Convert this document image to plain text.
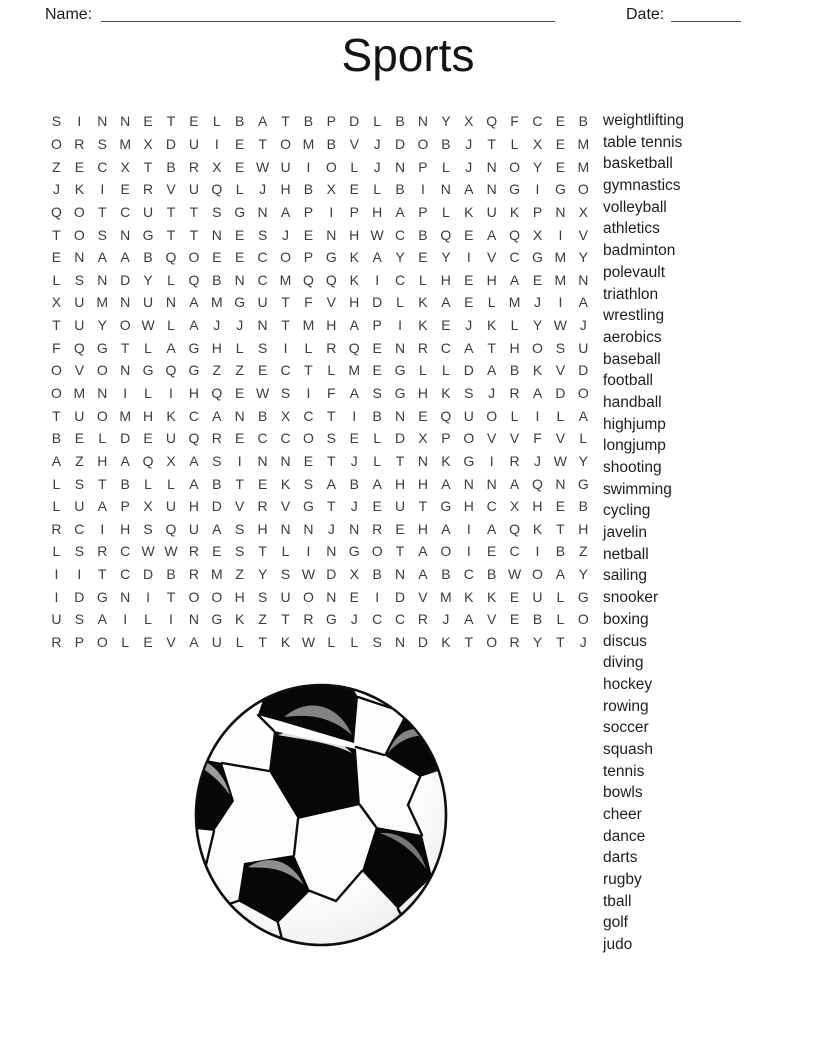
Name:	Date:
Sports
S	I	N N E T E	L	B A T B P D L	B N Y X Q F C E B
O R S M X D U	I	E T O M B V	J	D O B	J	T	L	X E M
Z E C X T B R X E W U	I	O L	J	N P	L	J	N O Y E M
J	K	I	E R V U Q L	J	H B X E	L	B	I	N A N G	I	G O
Q O T C U T	T S G N A P	I	P H A P	L	K U K P N X
T O S N G T	T N E S	J	E N H W C B Q E A Q X	I	V
E N A A B Q O E E C O P G K A Y E Y	I	V C G M Y
L	S N D Y	L Q B N C M Q Q K	I	C L H E H A E M N
X U M N U N A M G U T	F V H D L	K A E	L M J	I	A
T U Y O W L	A	J	J	N T M H A P	I	K E	J	K	L	Y W J
F Q G T	L	A G H L	S	I	L R Q E N R C A T H O S U
O V O N G Q G Z	Z E C T	L M E G L	L D A B K V D
O M N	I	L	I	H Q E W S	I	F A S G H K S	J	R A D O
T U O M H K C A N B X C T	I	B N E Q U O L	I	L	A
B E	L D E U Q R E C C O S E	L D X P O V V F V	L
A Z H A Q X A S	I	N N E T	J	L	T N K G	I	R	J W Y
L	S T B	L	L	A B T E K S A B A H H A N N A Q N G
L U A P X U H D V R V G T	J	E U T G H C X H E B
R C	I	H S Q U A S H N N	J	N R E H A	I	A Q K T H
L	S R C W W R E S T	L	I	N G O T A O	I	E C	I	B Z
I	I	T C D B R M Z Y S W D X B N A B C B W O A Y
I	D G N	I	T O O H S U O N E	I	D V M K K E U L G
U S A	I	L	I	N G K Z	T R G J	C C R	J	A V E B	L O
R P O L	E V A U L	T K W L	L	S N D K T O R Y T	J
weightlifting
table tennis
basketball
gymnastics
volleyball
athletics
badminton
polevault
triathlon
wrestling
aerobics
baseball
football
handball
highjump
longjump
shooting
swimming
cycling
javelin
netball
sailing
snooker
boxing
discus
diving
hockey
rowing
soccer
squash
tennis
bowls
cheer
dance
darts
rugby
tball
golf
judo
